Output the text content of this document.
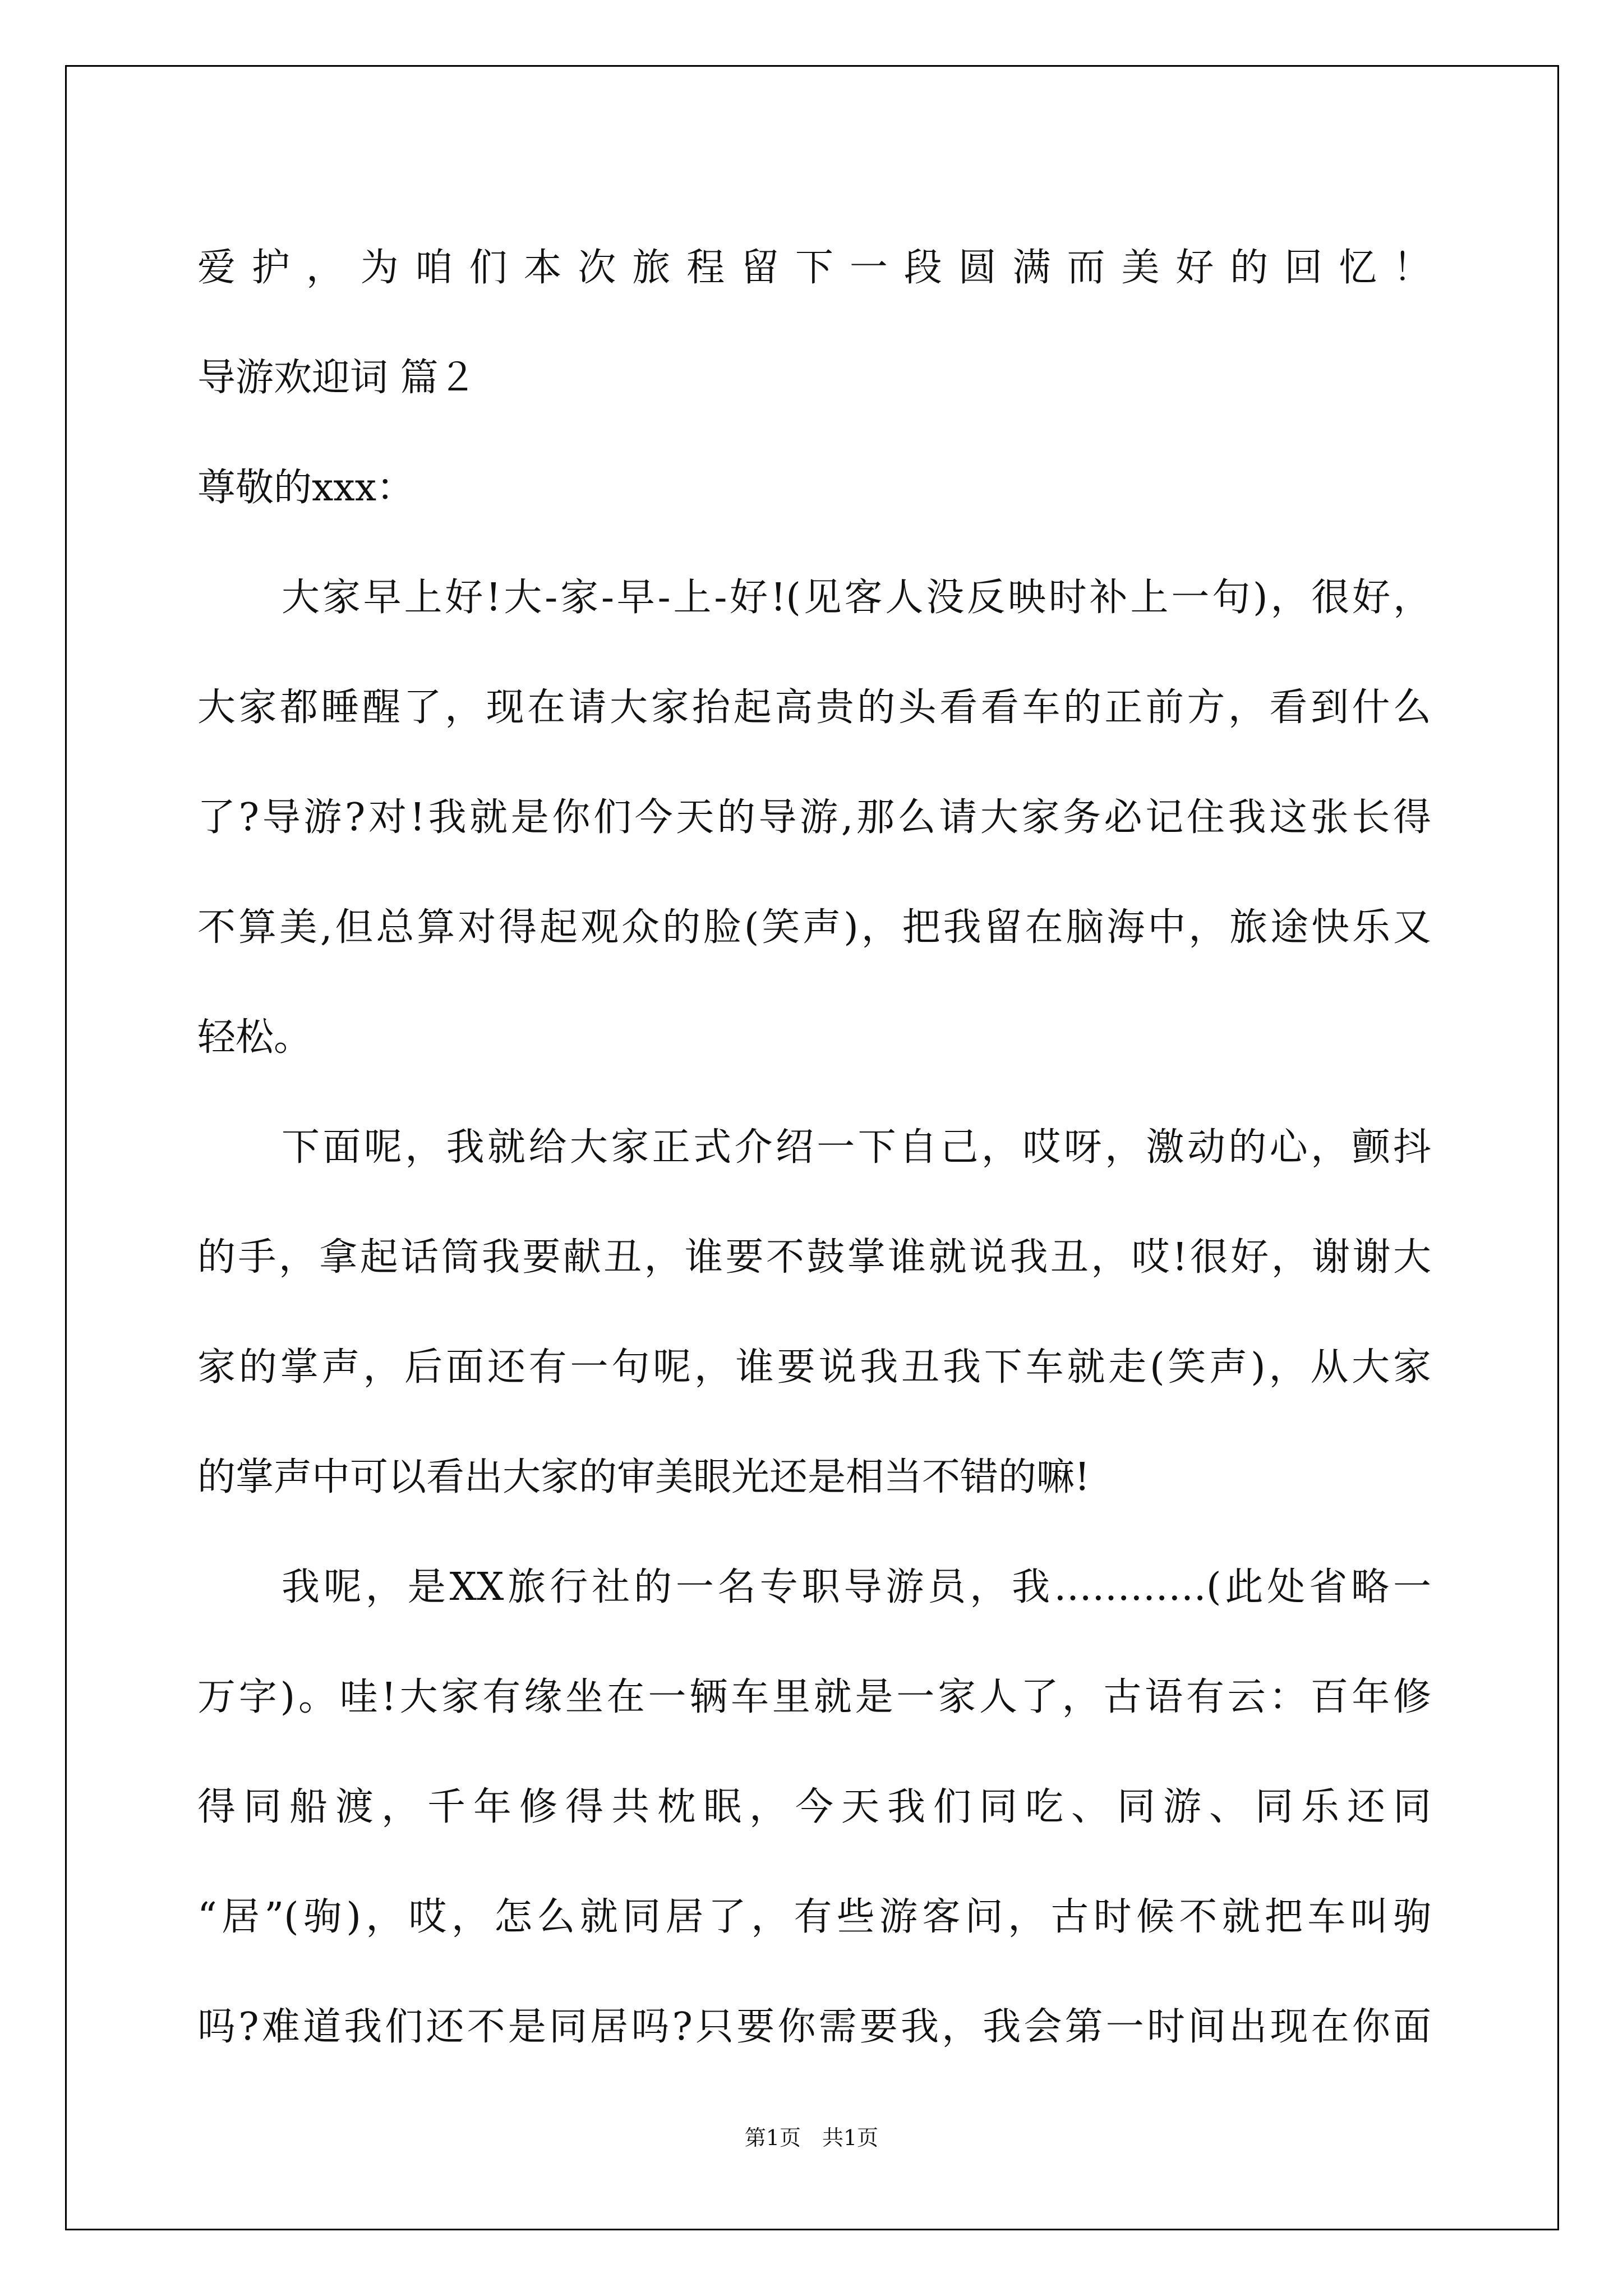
爱护，为咱们本次旅程留下一段圆满而美好的回忆！
导游欢迎词 篇２
尊敬的xxx：
大家早上好!大-家-早-上-好!(见客人没反映时补上一句)，很好，
大家都睡醒了，现在请大家抬起高贵的头看看车的正前方，看到什么
了?导游?对!我就是你们今天的导游,那么请大家务必记住我这张长得
不算美,但总算对得起观众的脸(笑声)，把我留在脑海中，旅途快乐又
轻松。
下面呢，我就给大家正式介绍一下自己，哎呀，激动的心，颤抖
的手，拿起话筒我要献丑，谁要不鼓掌谁就说我丑，哎!很好，谢谢大
家的掌声，后面还有一句呢，谁要说我丑我下车就走(笑声)，从大家
的掌声中可以看出大家的审美眼光还是相当不错的嘛!
我呢，是XX旅行社的一名专职导游员，我…………(此处省略一
万字)。哇!大家有缘坐在一辆车里就是一家人了，古语有云：百年修
得同船渡，千年修得共枕眠，今天我们同吃、同游、同乐还同
“居”(驹)，哎，怎么就同居了，有些游客问，古时候不就把车叫驹
吗?难道我们还不是同居吗?只要你需要我，我会第一时间出现在你面
第1页　共1页
